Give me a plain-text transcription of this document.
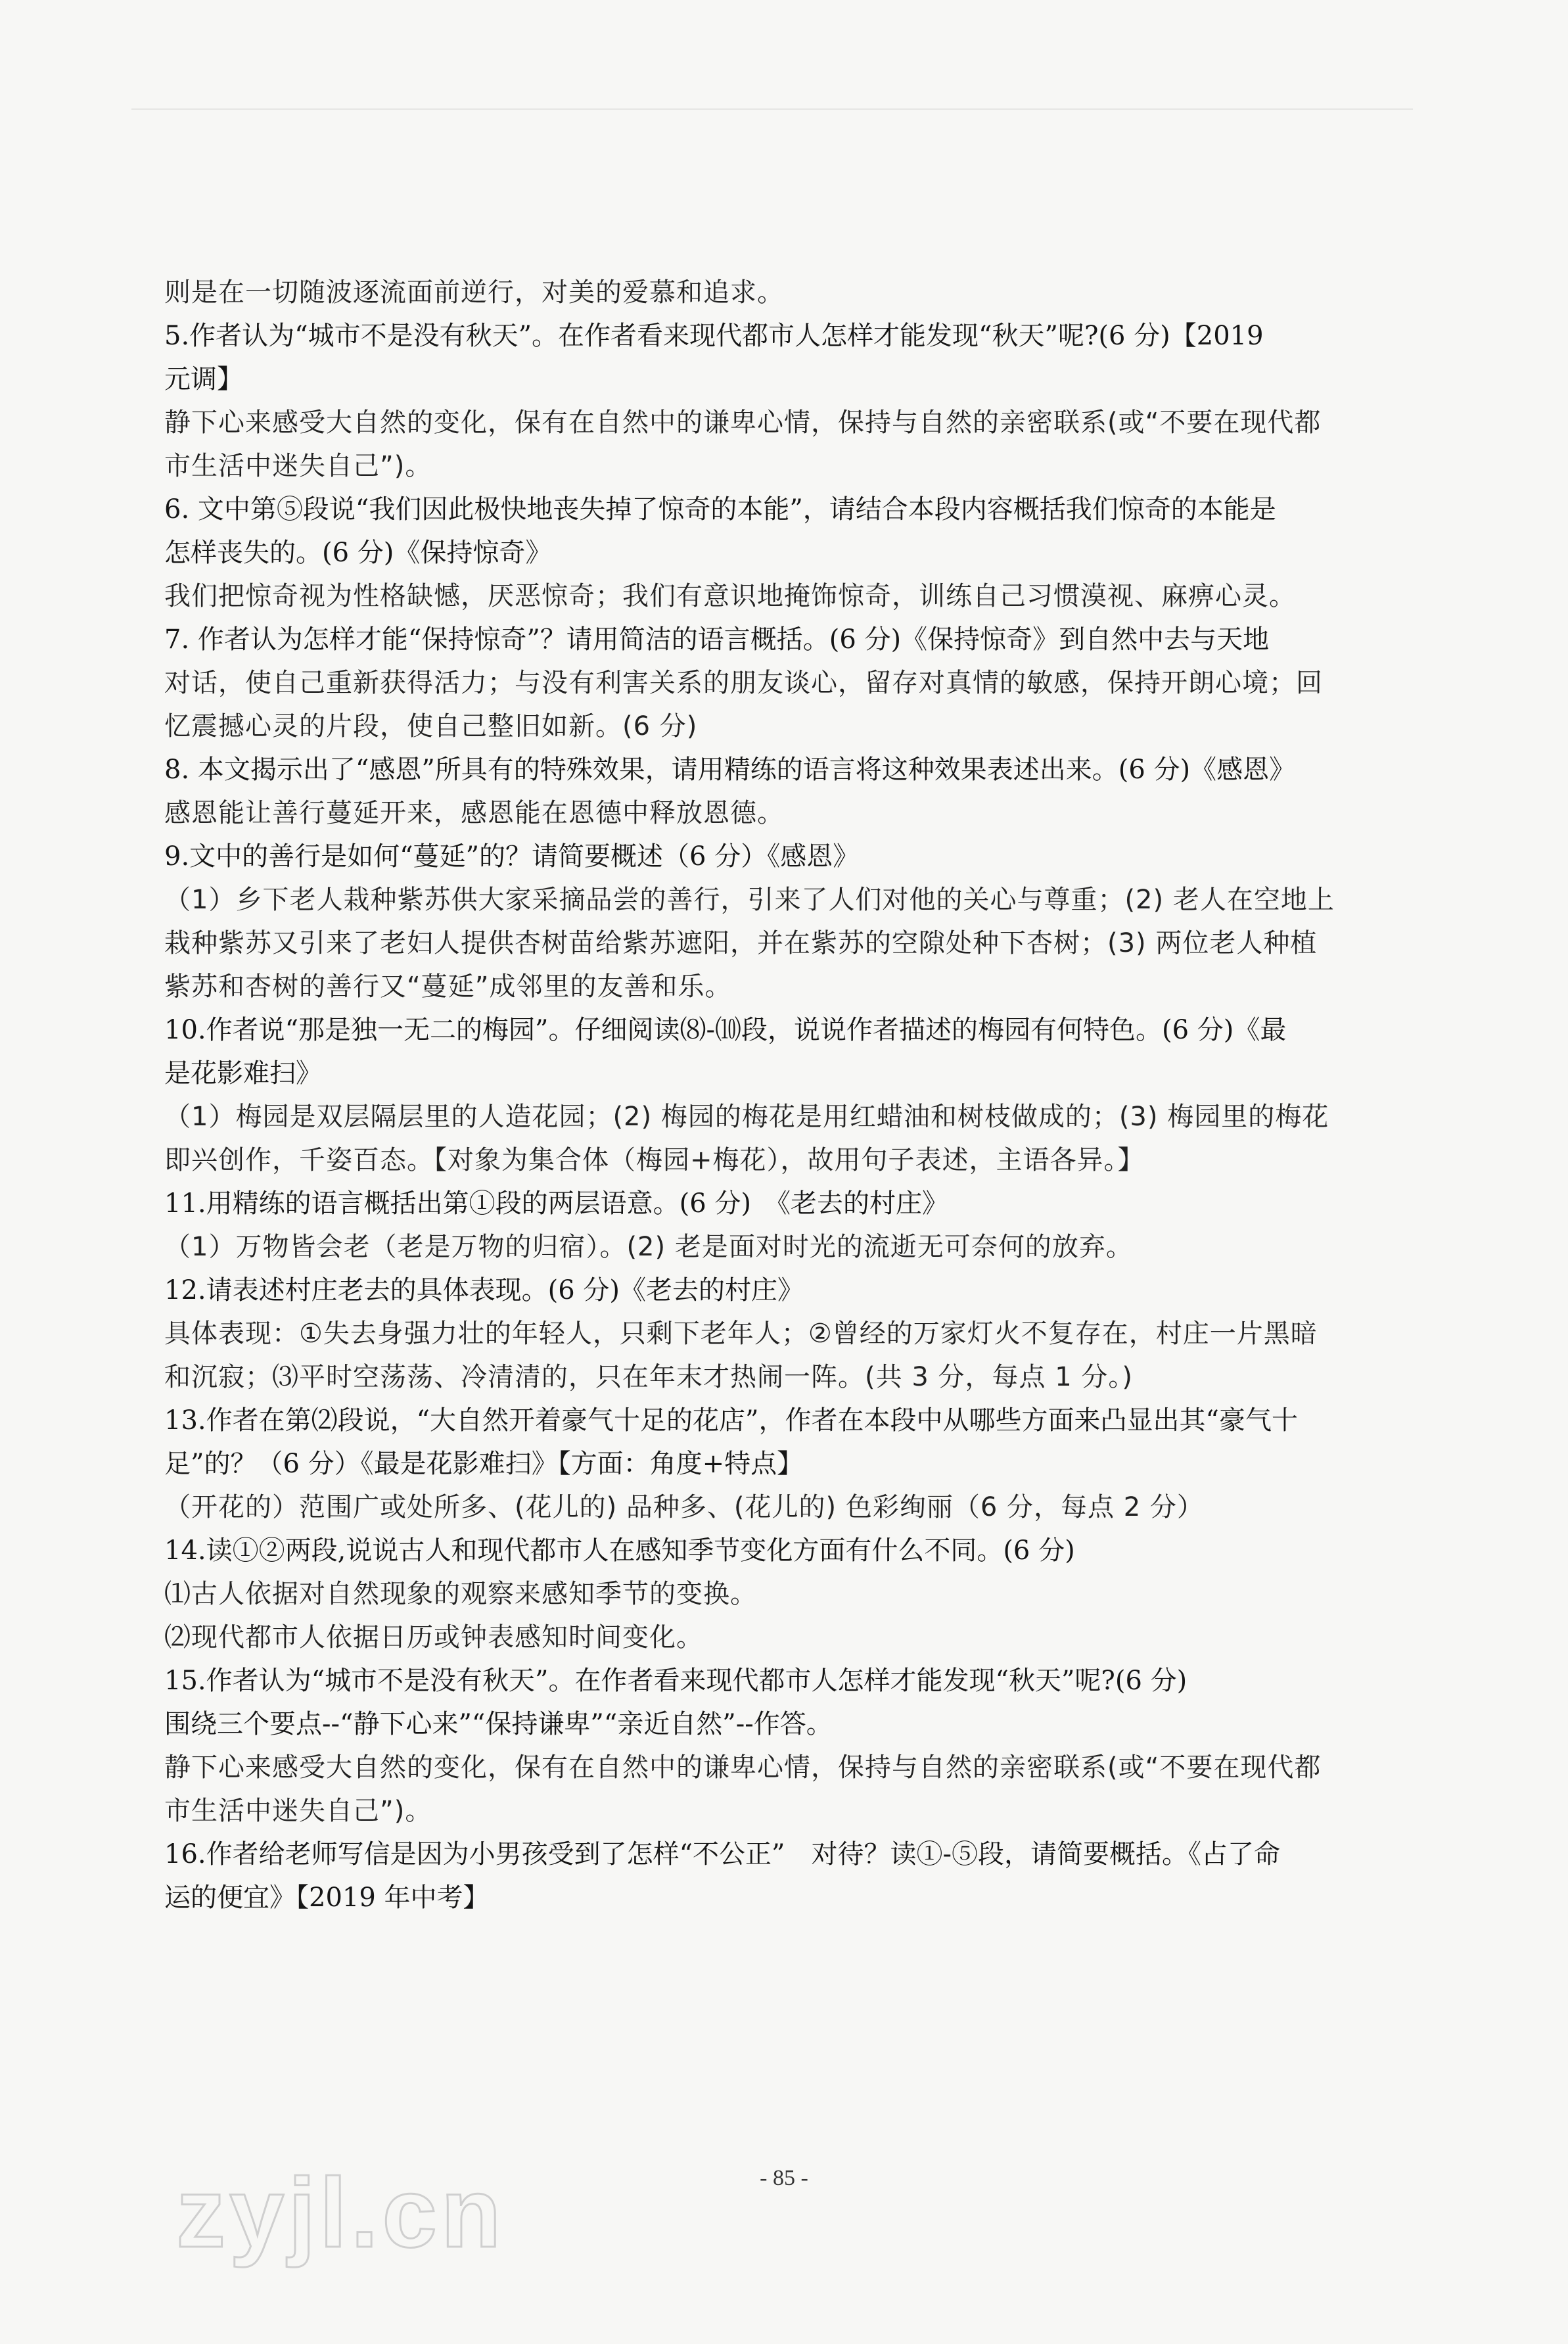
则是在一切随波逐流面前逆行，对美的爱慕和追求。

5.作者认为“城市不是没有秋天”。在作者看来现代都市人怎样才能发现“秋天”呢?(6 分)【2019

元调】

静下心来感受大自然的变化，保有在自然中的谦卑心情，保持与自然的亲密联系(或“不要在现代都

市生活中迷失自己”)。

6. 文中第⑤段说“我们因此极快地丧失掉了惊奇的本能”，请结合本段内容概括我们惊奇的本能是

怎样丧失的。(6 分)《保持惊奇》

我们把惊奇视为性格缺憾，厌恶惊奇；我们有意识地掩饰惊奇，训练自己习惯漠视、麻痹心灵。

7. 作者认为怎样才能“保持惊奇”？请用简洁的语言概括。(6 分)《保持惊奇》到自然中去与天地

对话，使自己重新获得活力；与没有利害关系的朋友谈心，留存对真情的敏感，保持开朗心境；回

忆震撼心灵的片段，使自己整旧如新。(6 分)

8. 本文揭示出了“感恩”所具有的特殊效果，请用精练的语言将这种效果表述出来。(6 分)《感恩》

感恩能让善行蔓延开来，感恩能在恩德中释放恩德。

9.文中的善行是如何“蔓延”的？请简要概述（6 分）《感恩》

（1）乡下老人栽种紫苏供大家采摘品尝的善行，引来了人们对他的关心与尊重；(2) 老人在空地上

栽种紫苏又引来了老妇人提供杏树苗给紫苏遮阳，并在紫苏的空隙处种下杏树；(3) 两位老人种植

紫苏和杏树的善行又“蔓延”成邻里的友善和乐。

10.作者说“那是独一无二的梅园”。仔细阅读⑻-⑽段，说说作者描述的梅园有何特色。(6 分)《最

是花影难扫》

（1）梅园是双层隔层里的人造花园；(2) 梅园的梅花是用红蜡油和树枝做成的；(3) 梅园里的梅花

即兴创作，千姿百态。【对象为集合体（梅园+梅花），故用句子表述，主语各异。】

11.用精练的语言概括出第①段的两层语意。(6 分)　《老去的村庄》

（1）万物皆会老（老是万物的归宿）。(2) 老是面对时光的流逝无可奈何的放弃。

12.请表述村庄老去的具体表现。(6 分)《老去的村庄》

具体表现：①失去身强力壮的年轻人，只剩下老年人；②曾经的万家灯火不复存在，村庄一片黑暗

和沉寂；⑶平时空荡荡、冷清清的，只在年末才热闹一阵。(共 3 分，每点 1 分。)

13.作者在第⑵段说，“大自然开着豪气十足的花店”，作者在本段中从哪些方面来凸显出其“豪气十

足”的？（6 分）《最是花影难扫》【方面：角度+特点】

（开花的）范围广或处所多、(花儿的) 品种多、(花儿的) 色彩绚丽（6 分，每点 2 分）

14.读①②两段,说说古人和现代都市人在感知季节变化方面有什么不同。(6 分)

⑴古人依据对自然现象的观察来感知季节的变换。

⑵现代都市人依据日历或钟表感知时间变化。

15.作者认为“城市不是没有秋天”。在作者看来现代都市人怎样才能发现“秋天”呢?(6 分)

围绕三个要点--“静下心来”“保持谦卑”“亲近自然”--作答。

静下心来感受大自然的变化，保有在自然中的谦卑心情，保持与自然的亲密联系(或“不要在现代都

市生活中迷失自己”)。

16.作者给老师写信是因为小男孩受到了怎样“不公正”　对待？读①-⑤段，请简要概括。《占了命

运的便宜》【2019 年中考】

- 85 -
zyjl.cn
